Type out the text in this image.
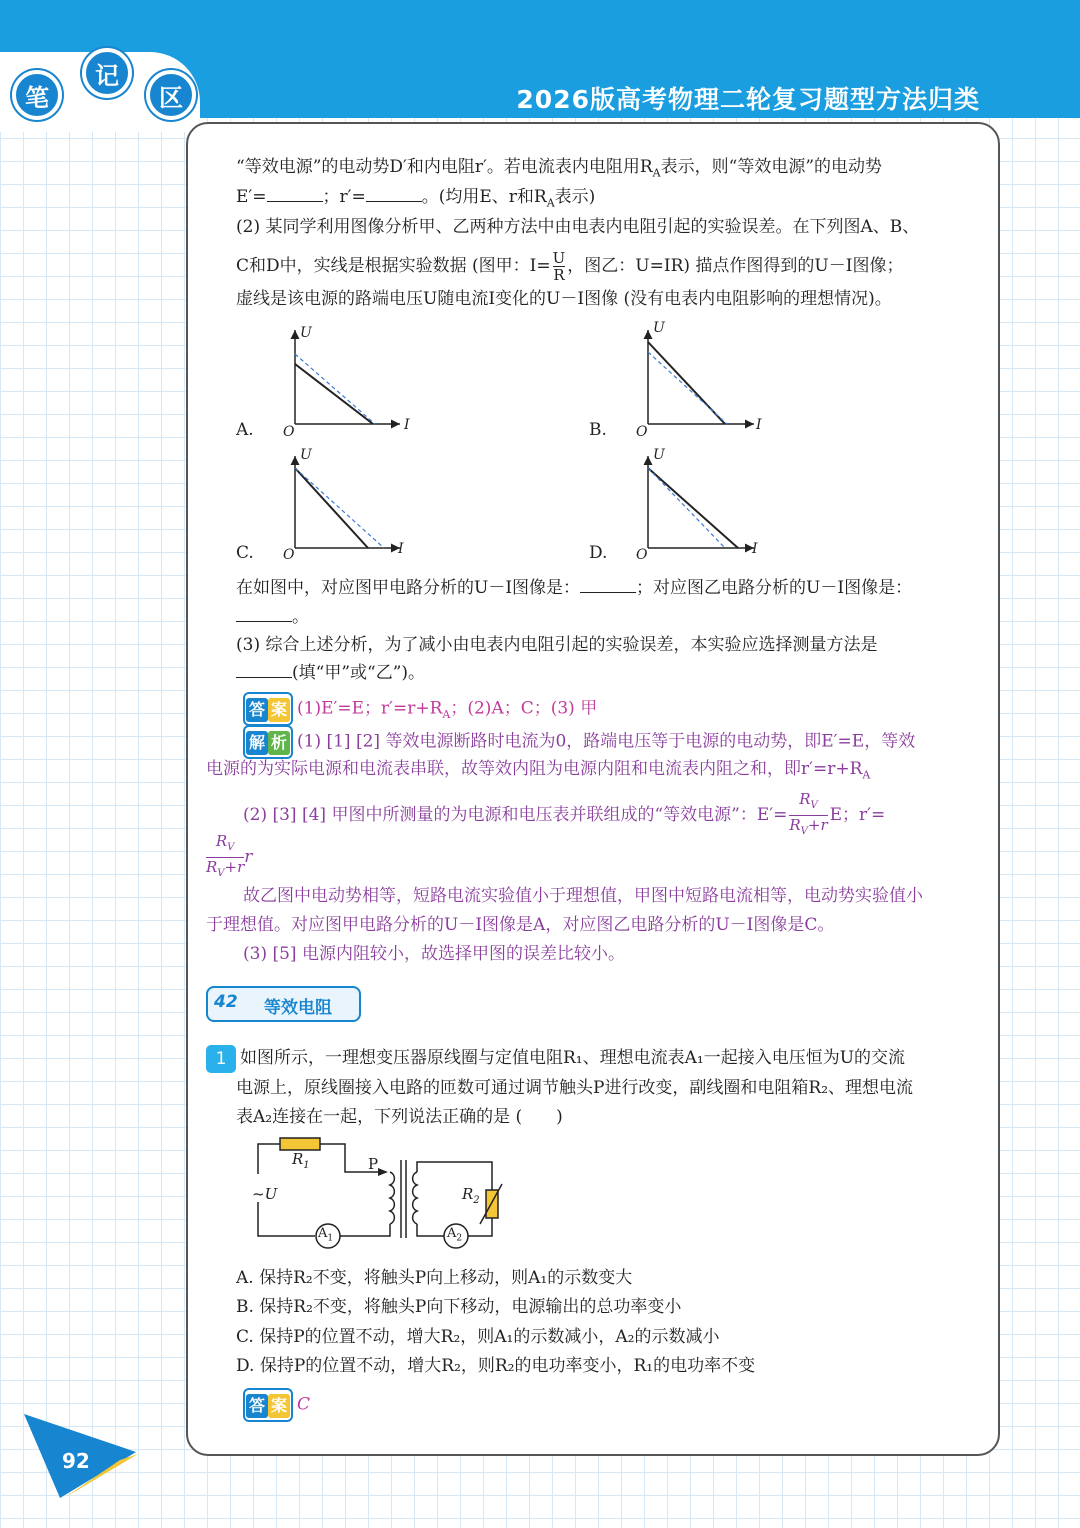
笔
记
区	2026版高考物理二轮复习题型方法归类
“等效电源”的电动势D′和内电阻r′。若电流表内电阻用$R_A$表示，则“等效电源”的电动势
E′=	；r′=	。(均用E、r和$R_A$表示)
(2) 某同学利用图像分析甲、乙两种方法中由电表内电阻引起的实验误差。在下列图A、B、
C和D中，实线是根据实验数据 (图甲：$I= \frac{U}{R}$ ，图乙：U=IR) 描点作图得到的U－I图像；
虚线是该电源的路端电压U随电流I变化的U－I图像 (没有电表内电阻影响的理想情况)。
A.	B.
C.	D.
U
I
O
U
I
O
U
I
O
U
I
O
在如图中，对应图甲电路分析的U－I图像是：	；对应图乙电路分析的U－I图像是：
。
(3) 综合上述分析，为了减小由电表内电阻引起的实验误差，本实验应选择测量方法是
(填“甲”或“乙”)。
答 案 (1)E′=E；$r'=r+R_A$；(2)A；C；(3) 甲
解 析 (1) [1] [2] 等效电源断路时电流为0，路端电压等于电源的电动势，即E′=E，等效
电源的为实际电源和电流表串联，故等效内阻为电源内阻和电流表内阻之和，即$r'=r+R_A$
(2) [3] [4] 甲图中所测量的为电源和电压表并联组成的“等效电源”：$E'= \frac{R_V}{R_V+r}$ E；r′=
$\frac{R_V}{R_V+r}$ r
故乙图中电动势相等，短路电流实验值小于理想值，甲图中短路电流相等，电动势实验值小
于理想值。对应图甲电路分析的U－I图像是A，对应图乙电路分析的U－I图像是C。
(3) [5] 电源内阻较小，故选择甲图的误差比较小。
42 等效电阻
1 如图所示，一理想变压器原线圈与定值电阻R₁、理想电流表A₁一起接入电压恒为U的交流
电源上，原线圈接入电路的匝数可通过调节触头P进行改变，副线圈和电阻箱R₂、理想电流
表A₂连接在一起，下列说法正确的是 (　　)
$R_1$	P
~U	$R_2$
$A_1$	$A_2$
A. 保持R₂不变，将触头P向上移动，则A₁的示数变大
B. 保持R₂不变，将触头P向下移动，电源输出的总功率变小
C. 保持P的位置不动，增大R₂，则A₁的示数减小，A₂的示数减小
D. 保持P的位置不动，增大R₂，则R₂的电功率变小，R₁的电功率不变
答 案 C
92
